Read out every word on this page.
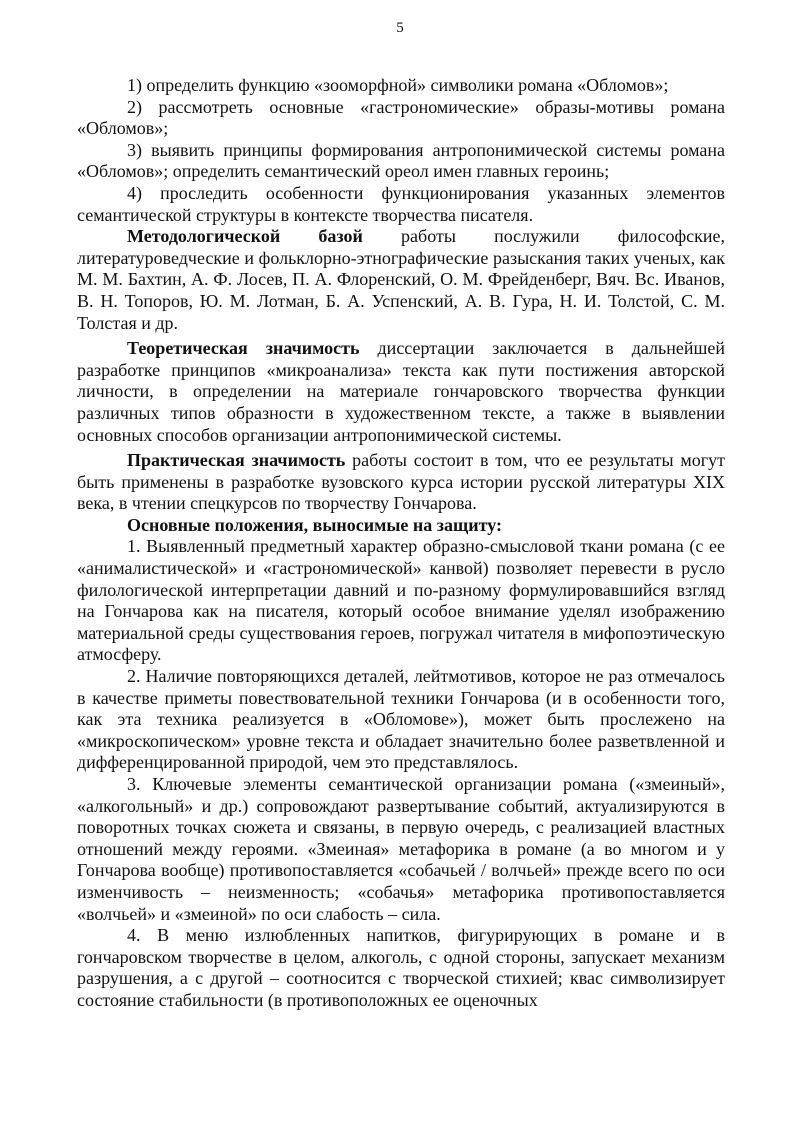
5

1) определить функцию «зооморфной» символики романа «Обломов»;

2) рассмотреть основные «гастрономические» образы-мотивы романа «Обломов»;

3) выявить принципы формирования антропонимической системы романа «Обломов»; определить семантический ореол имен главных героинь;

4) проследить особенности функционирования указанных элементов семантической структуры в контексте творчества писателя.

Методологической базой работы послужили философские, литературоведческие и фольклорно-этнографические разыскания таких ученых, как М. М. Бахтин, А. Ф. Лосев, П. А. Флоренский, О. М. Фрейденберг, Вяч. Вс. Иванов, В. Н. Топоров, Ю. М. Лотман, Б. А. Успенский, А. В. Гура, Н. И. Толстой, С. М. Толстая и др.

Теоретическая значимость диссертации заключается в дальнейшей разработке принципов «микроанализа» текста как пути постижения авторской личности, в определении на материале гончаровского творчества функции различных типов образности в художественном тексте, а также в выявлении основных способов организации антропонимической системы.

Практическая значимость работы состоит в том, что ее результаты могут быть применены в разработке вузовского курса истории русской литературы XIX века, в чтении спецкурсов по творчеству Гончарова.

Основные положения, выносимые на защиту:

1. Выявленный предметный характер образно-смысловой ткани романа (с ее «анималистической» и «гастрономической» канвой) позволяет перевести в русло филологической интерпретации давний и по-разному формулировавшийся взгляд на Гончарова как на писателя, который особое внимание уделял изображению материальной среды существования героев, погружал читателя в мифопоэтическую атмосферу.

2. Наличие повторяющихся деталей, лейтмотивов, которое не раз отмечалось в качестве приметы повествовательной техники Гончарова (и в особенности того, как эта техника реализуется в «Обломове»), может быть прослежено на «микроскопическом» уровне текста и обладает значительно более разветвленной и дифференцированной природой, чем это представлялось.

3. Ключевые элементы семантической организации романа («змеиный», «алкогольный» и др.) сопровождают развертывание событий, актуализируются в поворотных точках сюжета и связаны, в первую очередь, с реализацией властных отношений между героями. «Змеиная» метафорика в романе (а во многом и у Гончарова вообще) противопоставляется «собачьей / волчьей» прежде всего по оси изменчивость – неизменность; «собачья» метафорика противопоставляется «волчьей» и «змеиной» по оси слабость – сила.

4. В меню излюбленных напитков, фигурирующих в романе и в гончаровском творчестве в целом, алкоголь, с одной стороны, запускает механизм разрушения, а с другой – соотносится с творческой стихией; квас символизирует состояние стабильности (в противоположных ее оценочных
